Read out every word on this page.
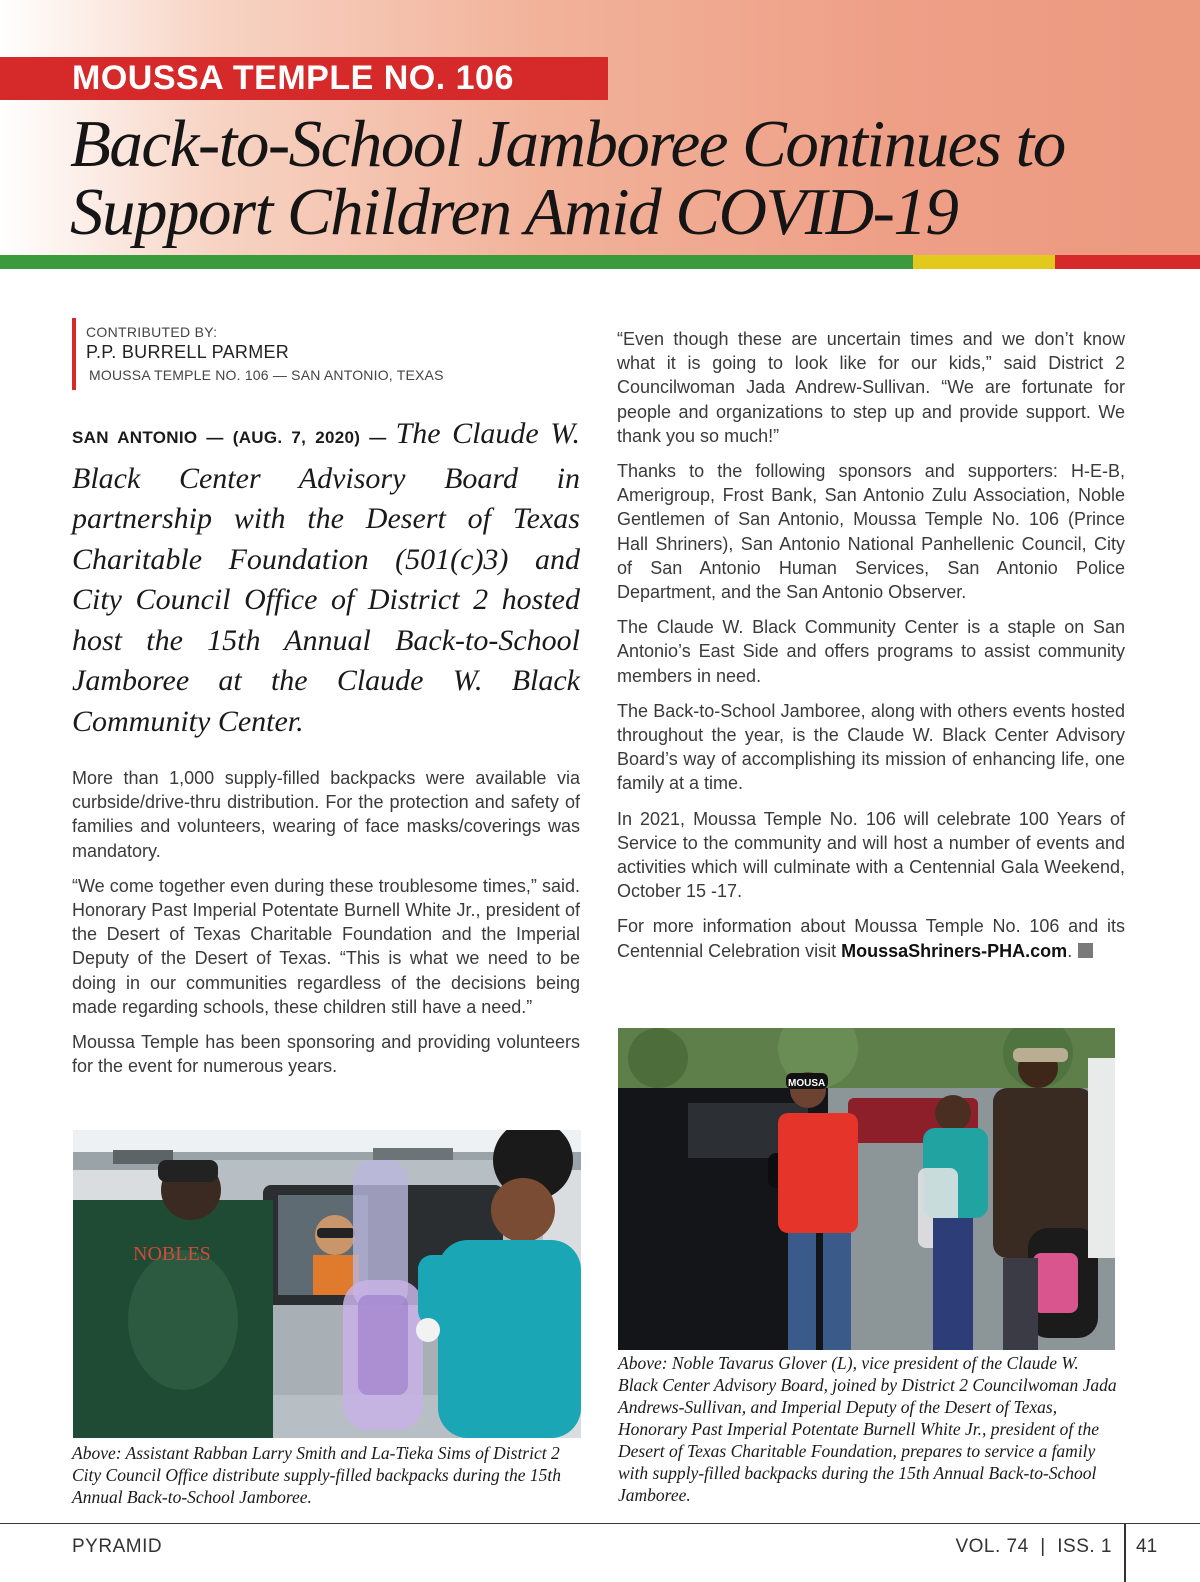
MOUSSA TEMPLE NO. 106
Back-to-School Jamboree Continues to
Support Children Amid COVID-19
CONTRIBUTED BY:
P.P. BURRELL PARMER
MOUSSA TEMPLE NO. 106 — SAN ANTONIO, TEXAS

SAN ANTONIO — (AUG. 7, 2020) — The Claude W. Black Center Advisory Board in partnership with the Desert of Texas Charitable Foundation (501(c)3) and City Council Office of District 2 hosted host the 15th Annual Back-to-School Jamboree at the Claude W. Black Community Center.

More than 1,000 supply-filled backpacks were available via curbside/drive-thru distribution. For the protection and safety of families and volunteers, wearing of face masks/coverings was mandatory.

“We come together even during these troublesome times,” said. Honorary Past Imperial Potentate Burnell White Jr., president of the Desert of Texas Charitable Foundation and the Imperial Deputy of the Desert of Texas. “This is what we need to be doing in our communities regardless of the decisions being made regarding schools, these children still have a need.”

Moussa Temple has been sponsoring and providing volunteers for the event for numerous years.

“Even though these are uncertain times and we don’t know what it is going to look like for our kids,” said District 2 Councilwoman Jada Andrew-Sullivan. “We are fortunate for people and organizations to step up and provide support. We thank you so much!”

Thanks to the following sponsors and supporters: H-E-B, Amerigroup, Frost Bank, San Antonio Zulu Association, Noble Gentlemen of San Antonio, Moussa Temple No. 106 (Prince Hall Shriners), San Antonio National Panhellenic Council, City of San Antonio Human Services, San Antonio Police Department, and the San Antonio Observer.

The Claude W. Black Community Center is a staple on San Antonio’s East Side and offers programs to assist community members in need.

The Back-to-School Jamboree, along with others events hosted throughout the year, is the Claude W. Black Center Advisory Board’s way of accomplishing its mission of enhancing life, one family at a time.

In 2021, Moussa Temple No. 106 will celebrate 100 Years of Service to the community and will host a number of events and activities which will culminate with a Centennial Gala Weekend, October 15 -17.

For more information about Moussa Temple No. 106 and its Centennial Celebration visit MoussaShriners-PHA.com.

NOBLES
Above: Assistant Rabban Larry Smith and La-Tieka Sims of District 2 City Council Office distribute supply-filled backpacks during the 15th Annual Back-to-School Jamboree.
MOUSA
Above: Noble Tavarus Glover (L), vice president of the Claude W. Black Center Advisory Board, joined by District 2 Councilwoman Jada Andrews-Sullivan, and Imperial Deputy of the Desert of Texas, Honorary Past Imperial Potentate Burnell White Jr., president of the Desert of Texas Charitable Foundation, prepares to service a family with supply-filled backpacks during the 15th Annual Back-to-School Jamboree.
PYRAMID	VOL. 74  |  ISS. 1 41
